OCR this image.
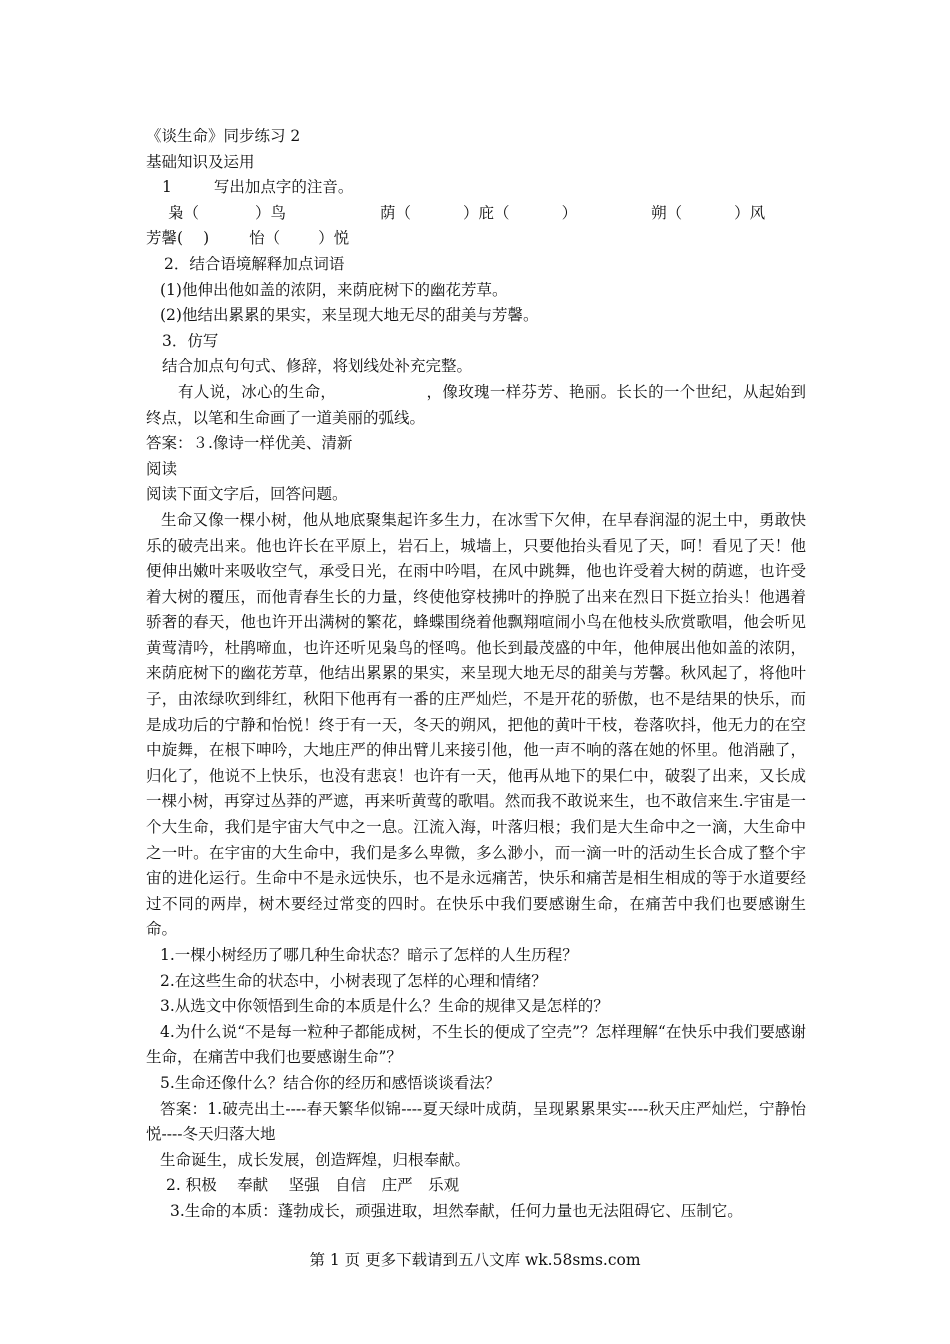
《谈生命》同步练习 2
基础知识及运用
1	写出加点字的注音。
枭（	）鸟	荫（	）庇（	）	朔（	）风
芳馨( )	怡（ ）悦
2．结合语境解释加点词语
(1)他伸出他如盖的浓阴，来荫庇树下的幽花芳草。
(2)他结出累累的果实，来呈现大地无尽的甜美与芳馨。
3．仿写
结合加点句句式、修辞，将划线处补充完整。
有人说，冰心的生命，	，像玫瑰一样芬芳、艳丽。长长的一个世纪，从起始到终点，以笔和生命画了一道美丽的弧线。
答案：３.像诗一样优美、清新
阅读
阅读下面文字后，回答问题。
生命又像一棵小树，他从地底聚集起许多生力，在冰雪下欠伸，在早春润湿的泥土中，勇敢快乐的破壳出来。他也许长在平原上，岩石上，城墙上，只要他抬头看见了天，呵！看见了天！他便伸出嫩叶来吸收空气，承受日光，在雨中吟唱，在风中跳舞，他也许受着大树的荫遮，也许受着大树的覆压，而他青春生长的力量，终使他穿枝拂叶的挣脱了出来在烈日下挺立抬头！他遇着骄奢的春天，他也许开出满树的繁花，蜂蝶围绕着他飘翔喧闹小鸟在他枝头欣赏歌唱，他会听见黄莺清吟，杜鹃啼血，也许还听见枭鸟的怪鸣。他长到最茂盛的中年，他伸展出他如盖的浓阴，来荫庇树下的幽花芳草，他结出累累的果实，来呈现大地无尽的甜美与芳馨。秋风起了，将他叶子，由浓绿吹到绯红，秋阳下他再有一番的庄严灿烂，不是开花的骄傲，也不是结果的快乐，而是成功后的宁静和怡悦！终于有一天，冬天的朔风，把他的黄叶干枝，卷落吹抖，他无力的在空中旋舞，在根下呻吟，大地庄严的伸出臂儿来接引他，他一声不响的落在她的怀里。他消融了，归化了，他说不上快乐，也没有悲哀！也许有一天，他再从地下的果仁中，破裂了出来，又长成一棵小树，再穿过丛莽的严遮，再来听黄莺的歌唱。然而我不敢说来生，也不敢信来生.宇宙是一个大生命，我们是宇宙大气中之一息。江流入海，叶落归根；我们是大生命中之一滴，大生命中之一叶。在宇宙的大生命中，我们是多么卑微，多么渺小，而一滴一叶的活动生长合成了整个宇宙的进化运行。生命中不是永远快乐，也不是永远痛苦，快乐和痛苦是相生相成的等于水道要经过不同的两岸，树木要经过常变的四时。在快乐中我们要感谢生命，在痛苦中我们也要感谢生命。
1.一棵小树经历了哪几种生命状态？暗示了怎样的人生历程？
2.在这些生命的状态中，小树表现了怎样的心理和情绪？
3.从选文中你领悟到生命的本质是什么？生命的规律又是怎样的？
4.为什么说“不是每一粒种子都能成树，不生长的便成了空壳”？怎样理解“在快乐中我们要感谢生命，在痛苦中我们也要感谢生命”？
5.生命还像什么？结合你的经历和感悟谈谈看法？
答案：1.破壳出土----春天繁华似锦----夏天绿叶成荫，呈现累累果实----秋天庄严灿烂，宁静怡悦----冬天归落大地
生命诞生，成长发展，创造辉煌，归根奉献。
2. 积极　 奉献　 坚强　自信　庄严　乐观
3.生命的本质：蓬勃成长，顽强进取，坦然奉献，任何力量也无法阻碍它、压制它。
第 1 页 更多下载请到五八文库 wk.58sms.com
